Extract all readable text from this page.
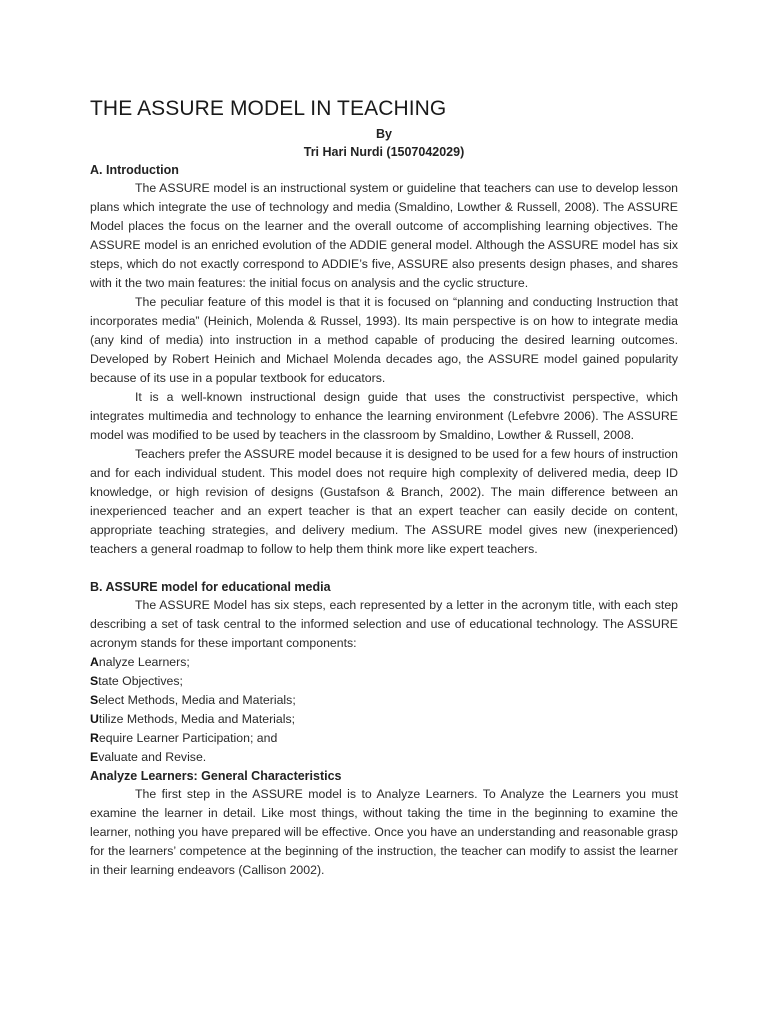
THE ASSURE MODEL IN TEACHING
By
Tri Hari Nurdi (1507042029)
A. Introduction

The ASSURE model is an instructional system or guideline that teachers can use to develop lesson plans which integrate the use of technology and media (Smaldino, Lowther & Russell, 2008). The ASSURE Model places the focus on the learner and the overall outcome of accomplishing learning objectives. The ASSURE model is an enriched evolution of the ADDIE general model. Although the ASSURE model has six steps, which do not exactly correspond to ADDIE’s five, ASSURE also presents design phases, and shares with it the two main features: the initial focus on analysis and the cyclic structure.

The peculiar feature of this model is that it is focused on “planning and conducting Instruction that incorporates media” (Heinich, Molenda & Russel, 1993). Its main perspective is on how to integrate media (any kind of media) into instruction in a method capable of producing the desired learning outcomes. Developed by Robert Heinich and Michael Molenda decades ago, the ASSURE model gained popularity because of its use in a popular textbook for educators.

It is a well-known instructional design guide that uses the constructivist perspective, which integrates multimedia and technology to enhance the learning environment (Lefebvre 2006). The ASSURE model was modified to be used by teachers in the classroom by Smaldino, Lowther & Russell, 2008.

Teachers prefer the ASSURE model because it is designed to be used for a few hours of instruction and for each individual student. This model does not require high complexity of delivered media, deep ID knowledge, or high revision of designs (Gustafson & Branch, 2002). The main difference between an inexperienced teacher and an expert teacher is that an expert teacher can easily decide on content, appropriate teaching strategies, and delivery medium. The ASSURE model gives new (inexperienced) teachers a general roadmap to follow to help them think more like expert teachers.

B. ASSURE model for educational media

The ASSURE Model has six steps, each represented by a letter in the acronym title, with each step describing a set of task central to the informed selection and use of educational technology. The ASSURE acronym stands for these important components:

Analyze Learners;
State Objectives;
Select Methods, Media and Materials;
Utilize Methods, Media and Materials;
Require Learner Participation; and
Evaluate and Revise.
Analyze Learners: General Characteristics

The first step in the ASSURE model is to Analyze Learners. To Analyze the Learners you must examine the learner in detail. Like most things, without taking the time in the beginning to examine the learner, nothing you have prepared will be effective. Once you have an understanding and reasonable grasp for the learners’ competence at the beginning of the instruction, the teacher can modify to assist the learner in their learning endeavors (Callison 2002).
